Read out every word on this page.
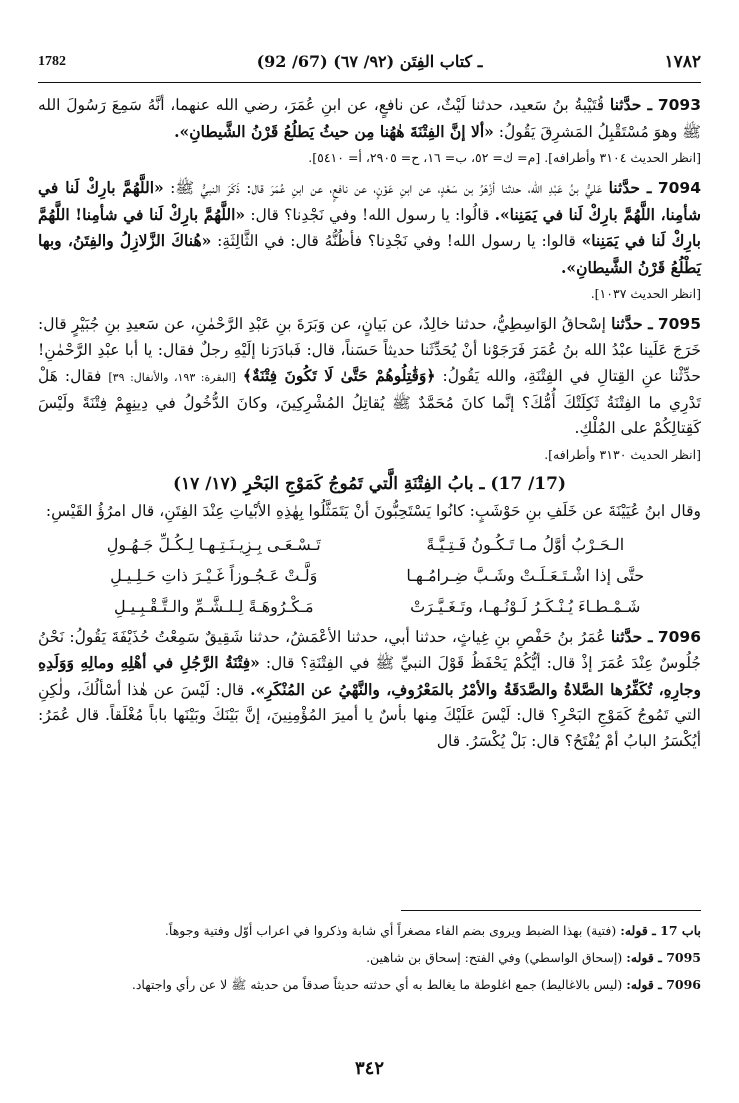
1782	ـ كتاب الفِتَن (٩٢/ ٦٧) (67/ 92)	١٧٨٢

7093 ـ حدَّثنا قُتَيْبةُ بنُ سَعيد، حدثنا لَيْثٌ، عن نافعٍ، عن ابنِ عُمَرَ، رضي الله عنهما، أنَّهُ سَمِعَ رَسُولَ الله ﷺ وهوَ مُسْتَقْبِلُ المَشرِقَ يَقُولُ: «ألا إنَّ الفِتْنَةَ هٰهُنا مِن حيثُ يَطلُعُ قَرْنُ الشَّيطانِ».

[انظر الحديث ٣١٠٤ وأطرافه]. [م= ك= ٥٢، ب= ١٦، ح= ٢٩٠٥، أ= ٥٤١٠].

7094 ـ حدَّثنا عَليُّ بنُ عَبْدِ الله، حدثنا أزْهَرُ بن سَعْدٍ، عن ابنِ عَوْنٍ، عن نافعٍ، عن ابنِ عُمَرَ قال: ذَكَرَ النبيُّ ﷺ: «اللَّهُمَّ بارِكْ لَنا في شأمِنا، اللَّهُمَّ بارِكْ لَنا في يَمَنِنا». قالُوا: يا رسول الله! وفي نَجْدِنا؟ قال: «اللَّهُمَّ بارِكْ لَنا في شأمِنا! اللَّهُمَّ بارِكْ لَنا في يَمَنِنا» قالوا: يا رسول الله! وفي نَجْدِنا؟ فأظُنُّهُ قال: في الثَّالِثَةِ: «هُناكَ الزَّلازِلُ والفِتَنُ، وبها يَطْلُعُ قَرْنُ الشَّيطانِ».

[انظر الحديث ١٠٣٧].

7095 ـ حدَّثنا إسْحاقُ الوَاسِطِيُّ، حدثنا خالِدٌ، عن بَيانٍ، عن وَبَرَةَ بنِ عَبْدِ الرَّحْمٰنِ، عن سَعيدِ بنِ جُبَيْرٍ قال: خَرَجَ عَلَينا عبْدُ الله بنُ عُمَرَ فَرَجَوْنا أنْ يُحَدِّثَنا حديثاً حَسَناً، قال: فَبادَرَنا إلَيْهِ رجلٌ فقال: يا أبا عبْدِ الرَّحْمٰنِ! حدِّثْنا عنِ القِتالِ في الفِتْنَةِ، والله يَقُولُ: ﴿وَقَٰتِلُوهُمْ حَتَّىٰ لَا تَكُونَ فِتْنَةٌ﴾ [البقرة: ١٩٣، والأنفال: ٣٩] فقال: هَلْ تَدْرِي ما الفِتْنَةُ ثَكِلَتْكَ أُمُّكَ؟ إنَّما كانَ مُحَمَّدٌ ﷺ يُقاتِلُ المُشْرِكِينَ، وكانَ الدُّخُولُ في دِينِهِمْ فِتْنَةً ولَيْسَ كَقِتالِكُمْ على المُلْكِ.

[انظر الحديث ٣١٣٠ وأطرافه].

(17/ 17) ـ بابُ الفِتْنَةِ الَّتي تَمُوجُ كَمَوْجِ البَحْرِ (١٧/ ١٧)

وقال ابنُ عُيَيْنَةَ عن خَلَفِ بنِ حَوْشَبٍ: كانُوا يَسْتَحِبُّونَ أنْ يَتَمَثَّلُوا بِهٰذِهِ الأبْياتِ عِنْدَ الفِتَنِ، قال امرُؤُ القَيْسِ:

الـحَـرْبُ أوَّلُ مـا تَـكُـونُ فَـتِـيَّـةً
تَـسْـعَـى بِـزِيـنَـتِـهـا لِـكُـلِّ جَـهُـولِ
حتَّى إذا اشْـتَـعَـلَـتْ وشَـبَّ ضِـرامُـهـا
وَلَّـتْ عَـجُـوزاً غَـيْـرَ ذاتِ حَـلِـيـلِ
شَـمْـطـاءَ يُـنْـكَـرُ لَـوْنُـهـا، وتَـغَـيَّـرَتْ
مَـكْـرُوهَـةً لِـلـشَّـمِّ والـتَّـقْـبِـيـلِ

7096 ـ حدَّثنا عُمَرُ بنُ حَفْصِ بنِ غِياثٍ، حدثنا أبي، حدثنا الأعْمَشُ، حدثنا شَقِيقٌ سَمِعْتُ حُذَيْفَةَ يَقُولُ: نَحْنُ جُلُوسٌ عِنْدَ عُمَرَ إذْ قال: أيُّكُمْ يَحْفَظُ قَوْلَ النبيِّ ﷺ في الفِتْنَةِ؟ قال: «فِتْنَةُ الرَّجُلِ في أهْلِهِ ومالِهِ وَوَلَدِهِ وجارِهِ، تُكَفِّرُها الصَّلاةُ والصَّدَقَةُ والأمْرُ بالمَعْرُوفِ، والنَّهْيُ عن المُنْكَرِ». قال: لَيْسَ عن هٰذا أسْألُكَ، ولٰكِنِ التي تَمُوجُ كَمَوْجِ البَحْرِ؟ قال: لَيْسَ عَلَيْكَ مِنها بأسٌ يا أميرَ المُؤْمِنِينَ، إنَّ بَيْنَكَ وبَيْنَها باباً مُغْلَقاً. قال عُمَرُ: أيُكْسَرُ البابُ أمْ يُفْتَحُ؟ قال: بَلْ يُكْسَرُ. قال

باب 17 ـ قوله: (فتية) بهذا الضبط ويروى بضم الفاء مصغراً أي شابة وذكروا في اعراب أوّل وفتية وجوهاً.
7095 ـ قوله: (إسحاق الواسطي) وفي الفتح: إسحاق بن شاهين.
7096 ـ قوله: (ليس بالاغاليط) جمع اغلوطة ما يغالط به أي حدثته حديثاً صدقاً من حديثه ﷺ لا عن رأي واجتهاد.
٣٤٢
